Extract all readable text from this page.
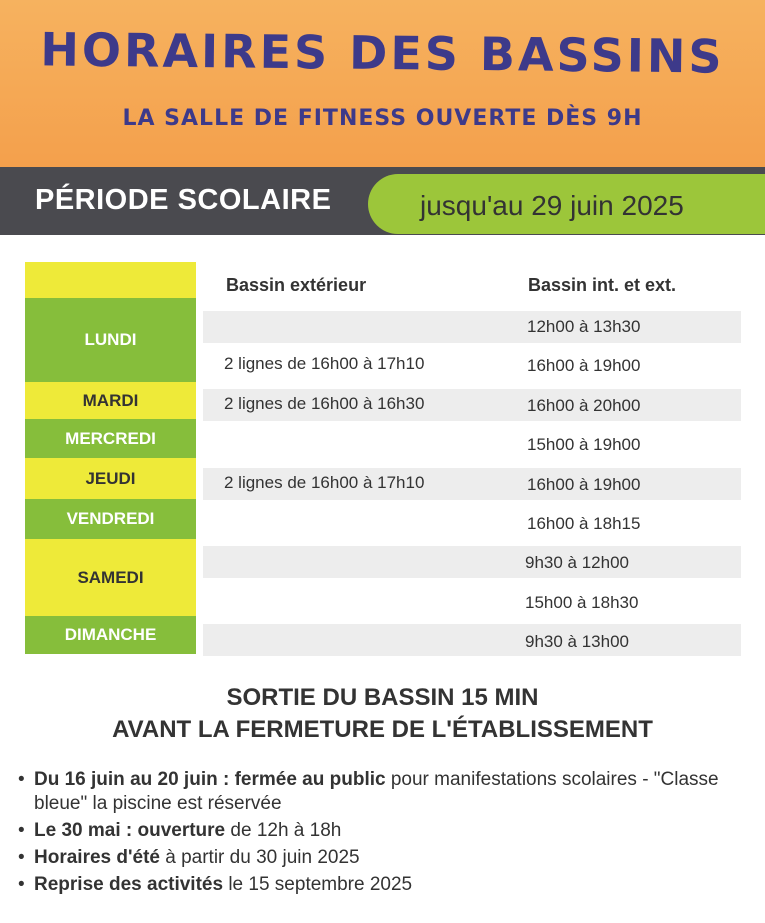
HORAIRES DES BASSINS
LA SALLE DE FITNESS OUVERTE DÈS 9H
PÉRIODE SCOLAIRE	jusqu'au 29 juin 2025
Bassin extérieur	Bassin int. et ext.
LUNDI
MARDI
MERCREDI
JEUDI
VENDREDI
SAMEDI
DIMANCHE
2 lignes de 16h00 à 17h10
2 lignes de 16h00 à 16h30
2 lignes de 16h00 à 17h10
12h00 à 13h30
16h00 à 19h00
16h00 à 20h00
15h00 à 19h00
16h00 à 19h00
16h00 à 18h15
9h30 à 12h00
15h00 à 18h30
9h30 à 13h00
SORTIE DU BASSIN 15 MIN
AVANT LA FERMETURE DE L'ÉTABLISSEMENT
• Du 16 juin au 20 juin : fermée au public pour manifestations scolaires - "Classe bleue" la piscine est réservée
• Le 30 mai : ouverture de 12h à 18h
• Horaires d'été à partir du 30 juin 2025
• Reprise des activités le 15 septembre 2025
